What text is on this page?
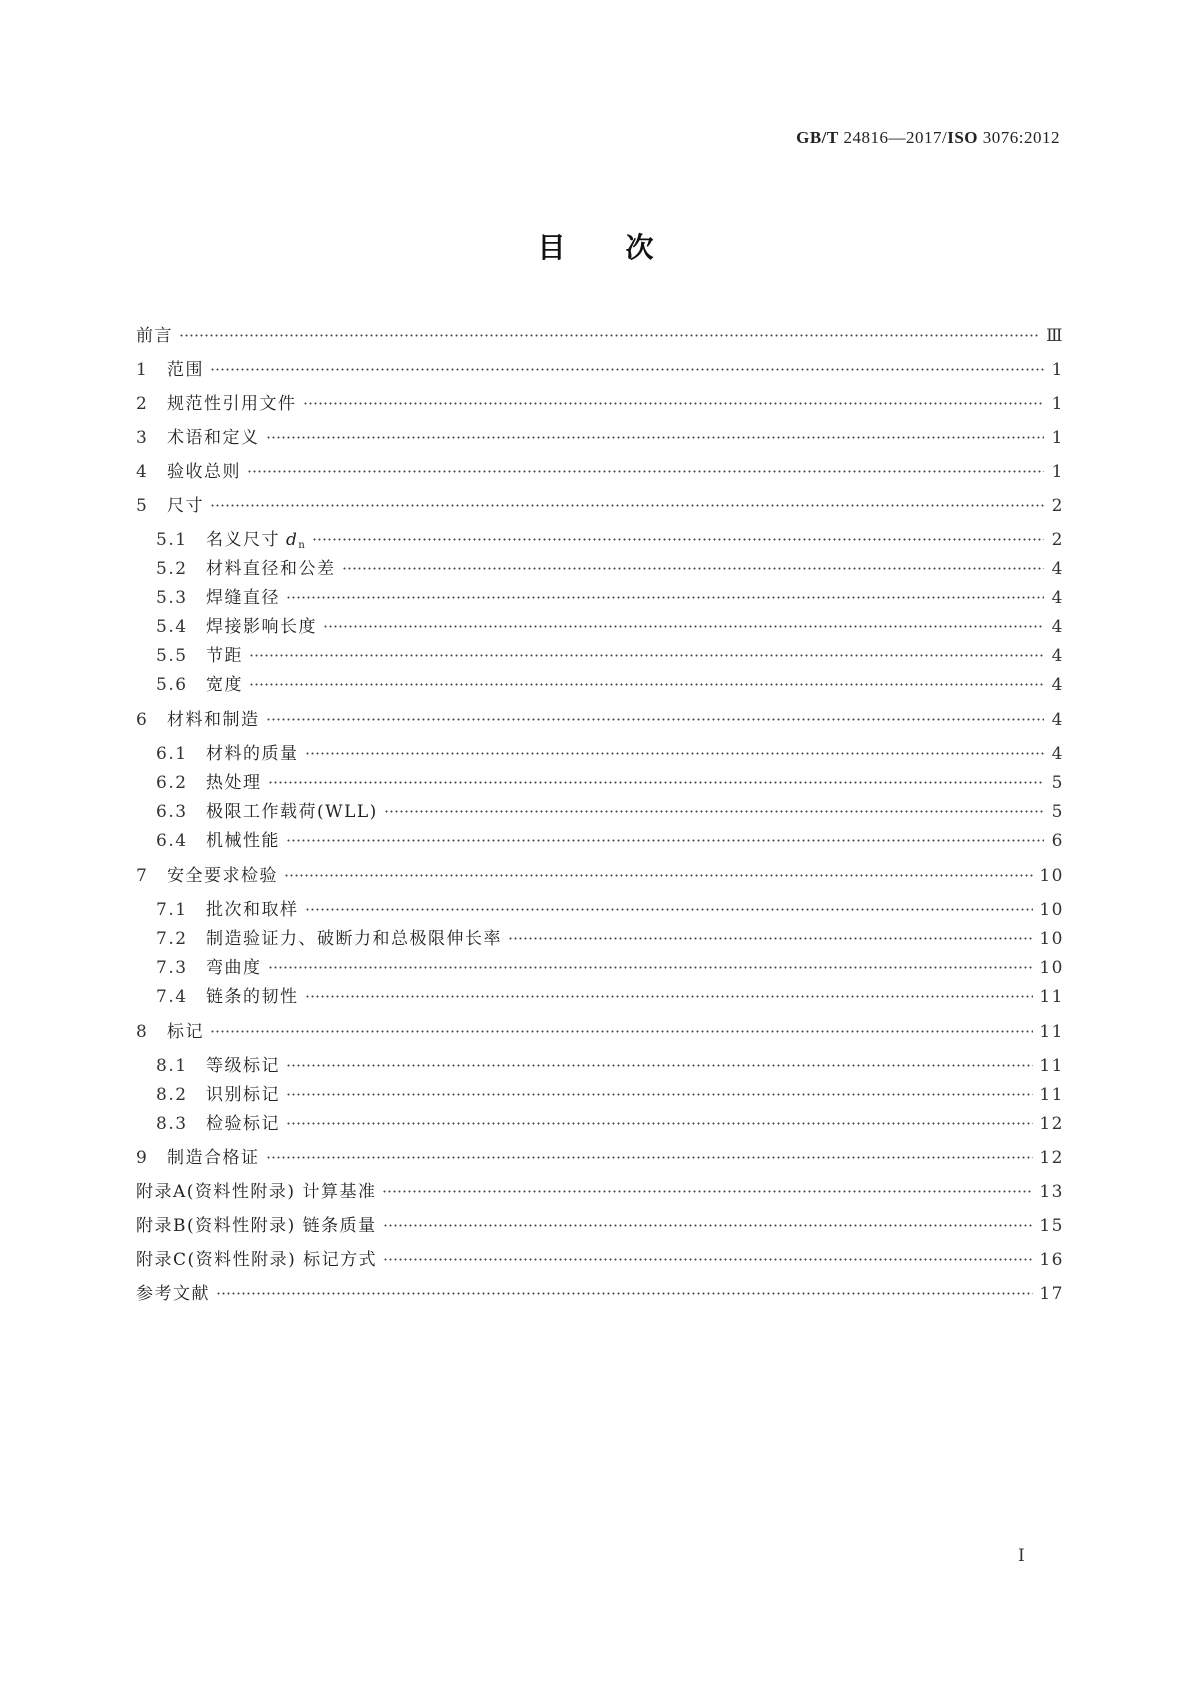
GB/T 24816—2017/ISO 3076:2012
目次
前言	Ⅲ
1	范围	1
2	规范性引用文件	1
3	术语和定义	1
4	验收总则	1
5	尺寸	2
5.1	名义尺寸 dn	2
5.2	材料直径和公差	4
5.3	焊缝直径	4
5.4	焊接影响长度	4
5.5	节距	4
5.6	宽度	4
6	材料和制造	4
6.1	材料的质量	4
6.2	热处理	5
6.3	极限工作载荷(WLL)	5
6.4	机械性能	6
7	安全要求检验	10
7.1	批次和取样	10
7.2	制造验证力、破断力和总极限伸长率	10
7.3	弯曲度	10
7.4	链条的韧性	11
8	标记	11
8.1	等级标记	11
8.2	识别标记	11
8.3	检验标记	12
9	制造合格证	12
附录A(资料性附录) 计算基准	13
附录B(资料性附录) 链条质量	15
附录C(资料性附录) 标记方式	16
参考文献	17
I
